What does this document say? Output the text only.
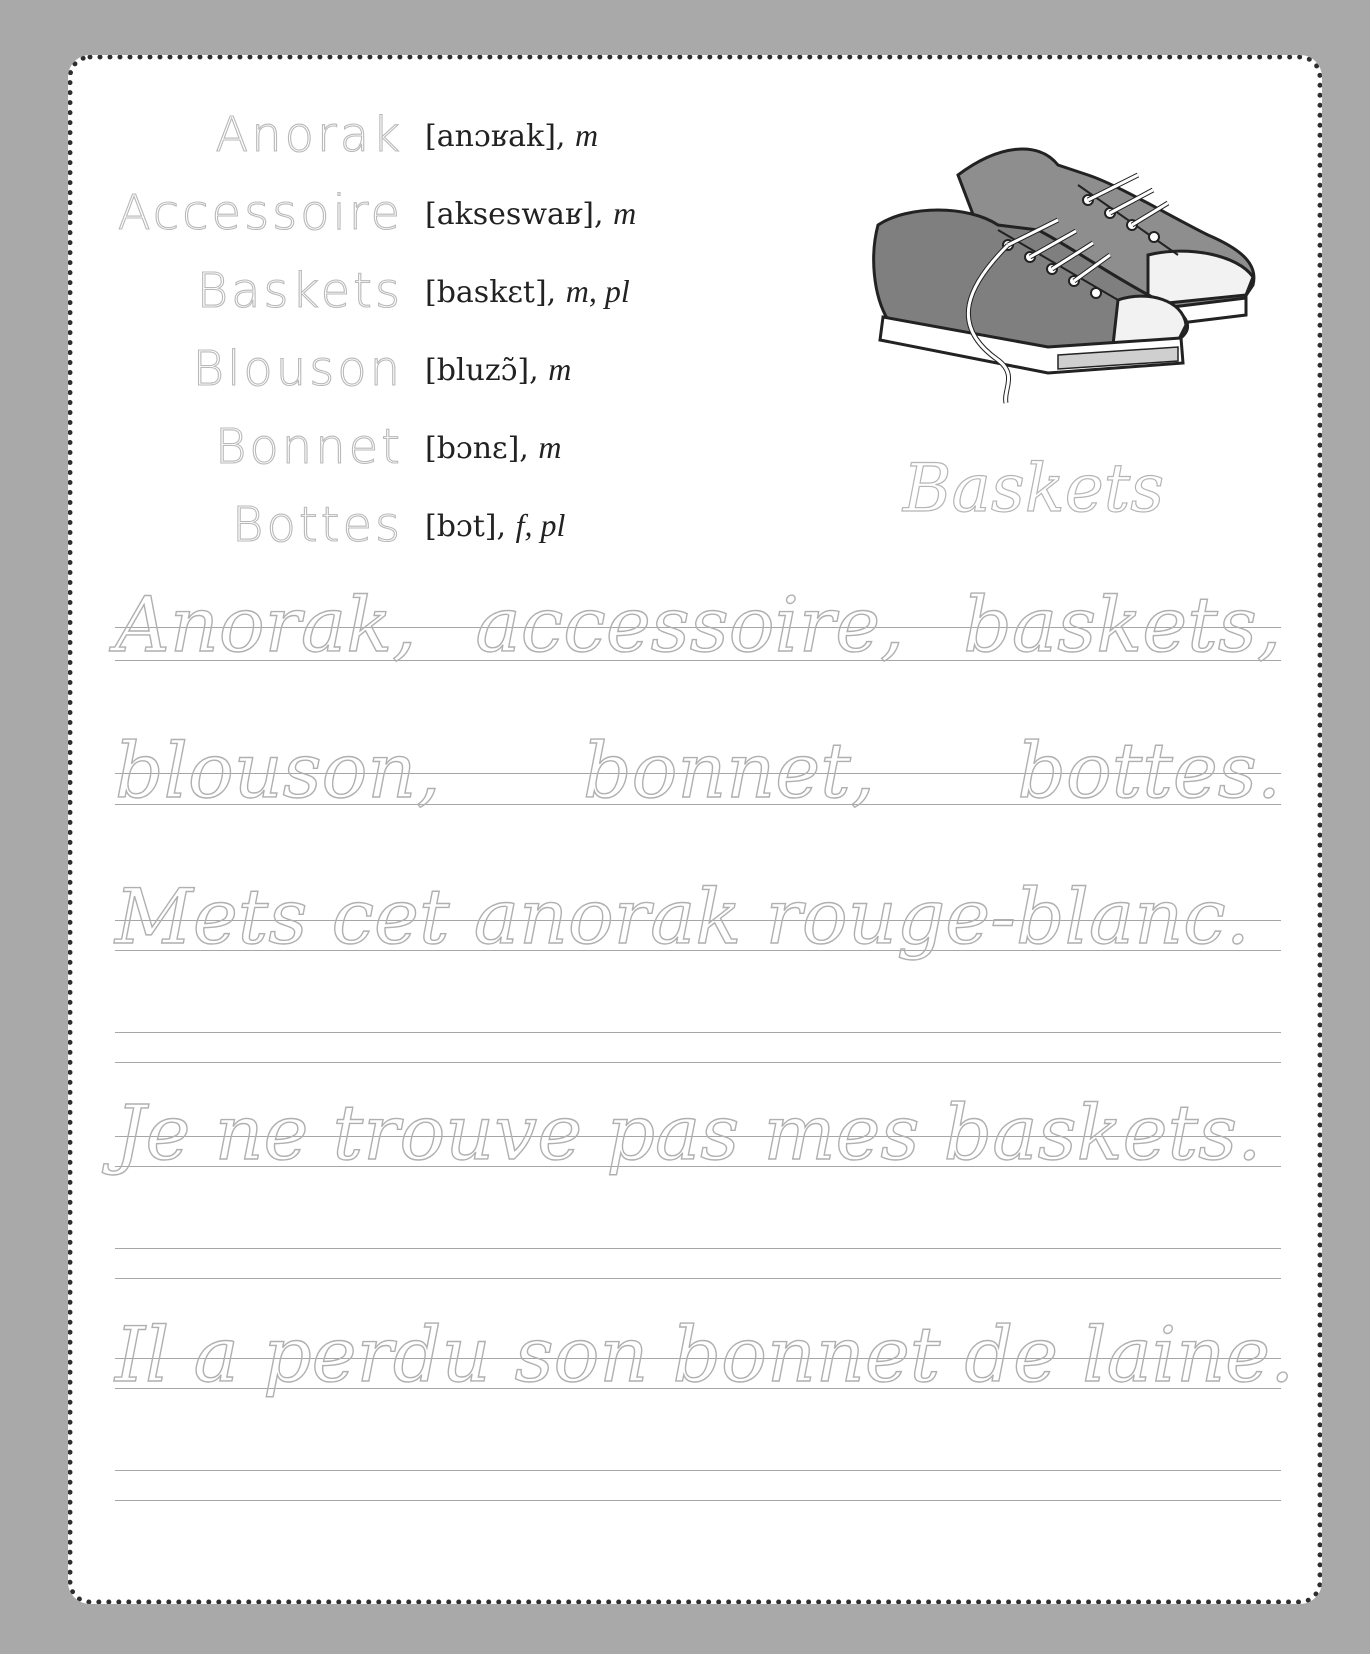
Anorak [anɔʁak], m
Accessoire [akseswaʁ], m
Baskets [baskɛt], m, pl
Blouson [bluzɔ̃], m
Bonnet [bɔnɛ], m
Bottes [bɔt], f, pl	Baskets
Anorak, accessoire, baskets,
blouson, bonnet, bottes.
Mets cet anorak rouge-blanc.
Je ne trouve pas mes baskets.
Il a perdu son bonnet de laine.
